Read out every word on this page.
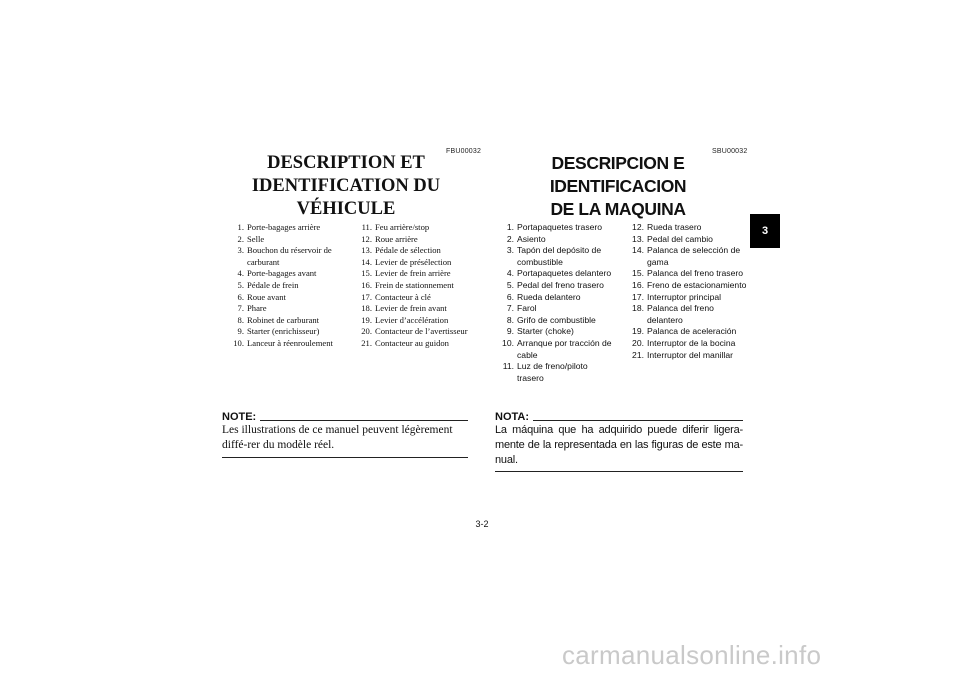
FBU00032
DESCRIPTION ET
IDENTIFICATION DU VÉHICULE
1. Porte-bagages arrière
2. Selle
3. Bouchon du réservoir de carburant
4. Porte-bagages avant
5. Pédale de frein
6. Roue avant
7. Phare
8. Robinet de carburant
9. Starter (enrichisseur)
10. Lanceur à réenroulement
11. Feu arrière/stop
12. Roue arrière
13. Pédale de sélection
14. Levier de présélection
15. Levier de frein arrière
16. Frein de stationnement
17. Contacteur à clé
18. Levier de frein avant
19. Levier d’accélération
20. Contacteur de l’avertisseur
21. Contacteur au guidon
NOTE:
Les illustrations de ce manuel peuvent légèrement diffé-rer du modèle réel.
SBU00032
DESCRIPCION E IDENTIFICACION
DE LA MAQUINA
1. Portapaquetes trasero
2. Asiento
3. Tapón del depósito de combustible
4. Portapaquetes delantero
5. Pedal del freno trasero
6. Rueda delantero
7. Farol
8. Grifo de combustible
9. Starter (choke)
10. Arranque por tracción de cable
11. Luz de freno/piloto trasero
12. Rueda trasero
13. Pedal del cambio
14. Palanca de selección de gama
15. Palanca del freno trasero
16. Freno de estacionamiento
17. Interruptor principal
18. Palanca del freno delantero
19. Palanca de aceleración
20. Interruptor de la bocina
21. Interruptor del manillar
NOTA:
La máquina que ha adquirido puede diferir ligera-mente de la representada en las figuras de este ma-nual.
3
3-2
carmanualsonline.info
